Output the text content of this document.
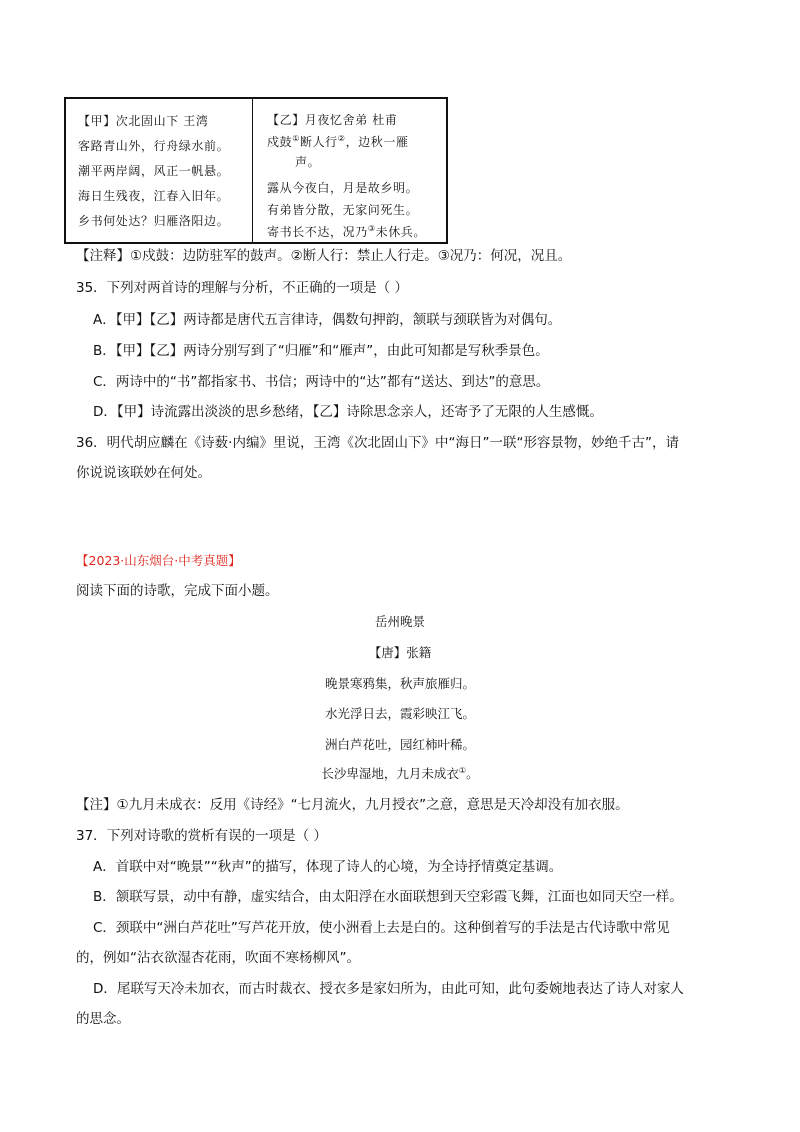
【甲】次北固山下 王湾
客路青山外，行舟绿水前。
潮平两岸阔，风正一帆悬。
海日生残夜，江春入旧年。
乡书何处达？归雁洛阳边。
【乙】月夜忆舍弟 杜甫
戍鼓①断人行②，边秋一雁
声。
露从今夜白，月是故乡明。
有弟皆分散，无家问死生。
寄书长不达，况乃③未休兵。
【注释】①戍鼓：边防驻军的鼓声。②断人行：禁止人行走。③况乃：何况，况且。
35．下列对两首诗的理解与分析，不正确的一项是（ ）
A．【甲】【乙】两诗都是唐代五言律诗，偶数句押韵，颔联与颈联皆为对偶句。
B．【甲】【乙】两诗分别写到了“归雁”和“雁声”，由此可知都是写秋季景色。
C．两诗中的“书”都指家书、书信；两诗中的“达”都有“送达、到达”的意思。
D．【甲】诗流露出淡淡的思乡愁绪，【乙】诗除思念亲人，还寄予了无限的人生感慨。
36．明代胡应麟在《诗薮·内编》里说，王湾《次北固山下》中“海日”一联“形容景物，妙绝千古”，请
你说说该联妙在何处。
【2023·山东烟台·中考真题】
阅读下面的诗歌，完成下面小题。
岳州晚景
【唐】张籍
晚景寒鸦集，秋声旅雁归。
水光浮日去，霞彩映江飞。
洲白芦花吐，园红柿叶稀。
长沙卑湿地，九月未成衣①。
【注】①九月未成衣：反用《诗经》“七月流火，九月授衣”之意，意思是天冷却没有加衣服。
37．下列对诗歌的赏析有误的一项是（ ）
A．首联中对“晚景”“秋声”的描写，体现了诗人的心境，为全诗抒情奠定基调。
B．颔联写景，动中有静，虚实结合，由太阳浮在水面联想到天空彩霞飞舞，江面也如同天空一样。
C．颈联中“洲白芦花吐”写芦花开放，使小洲看上去是白的。这种倒着写的手法是古代诗歌中常见
的，例如“沾衣欲湿杏花雨，吹面不寒杨柳风”。
D．尾联写天冷未加衣，而古时裁衣、授衣多是家妇所为，由此可知，此句委婉地表达了诗人对家人
的思念。
